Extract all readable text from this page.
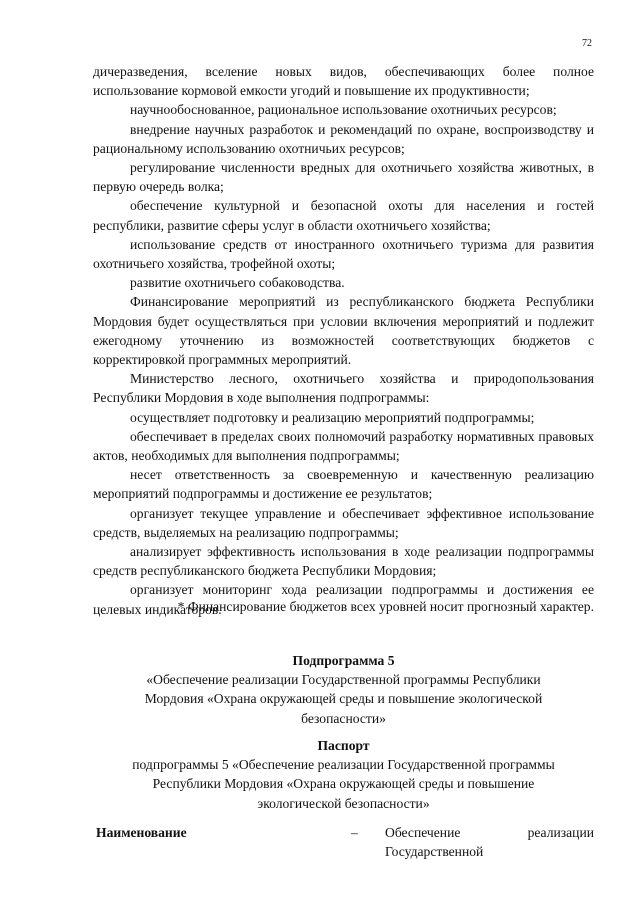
72

дичеразведения, вселение новых видов, обеспечивающих более полное использование кормовой емкости угодий и повышение их продуктивности;

научнообоснованное, рациональное использование охотничьих ресурсов;

внедрение научных разработок и рекомендаций по охране, воспроизводству и рациональному использованию охотничьих ресурсов;

регулирование численности вредных для охотничьего хозяйства животных, в первую очередь волка;

обеспечение культурной и безопасной охоты для населения и гостей республики, развитие сферы услуг в области охотничьего хозяйства;

использование средств от иностранного охотничьего туризма для развития охотничьего хозяйства, трофейной охоты;

развитие охотничьего собаководства.

Финансирование мероприятий из республиканского бюджета Республики Мордовия будет осуществляться при условии включения мероприятий и подлежит ежегодному уточнению из возможностей соответствующих бюджетов с корректировкой программных мероприятий.

Министерство лесного, охотничьего хозяйства и природопользования Республики Мордовия в ходе выполнения подпрограммы:

осуществляет подготовку и реализацию мероприятий подпрограммы;

обеспечивает в пределах своих полномочий разработку нормативных правовых актов, необходимых для выполнения подпрограммы;

несет ответственность за своевременную и качественную реализацию мероприятий подпрограммы и достижение ее результатов;

организует текущее управление и обеспечивает эффективное использование средств, выделяемых на реализацию подпрограммы;

анализирует эффективность использования в ходе реализации подпрограммы средств республиканского бюджета Республики Мордовия;

организует мониторинг хода реализации подпрограммы и достижения ее целевых индикаторов.

* Финансирование бюджетов всех уровней носит прогнозный характер.
Подпрограмма 5
«Обеспечение реализации Государственной программы Республики
Мордовия «Охрана окружающей среды и повышение экологической
безопасности»
Паспорт
подпрограммы 5 «Обеспечение реализации Государственной программы
Республики Мордовия «Охрана окружающей среды и повышение
экологической безопасности»
Наименование	– Обеспечение реализации Государственной
